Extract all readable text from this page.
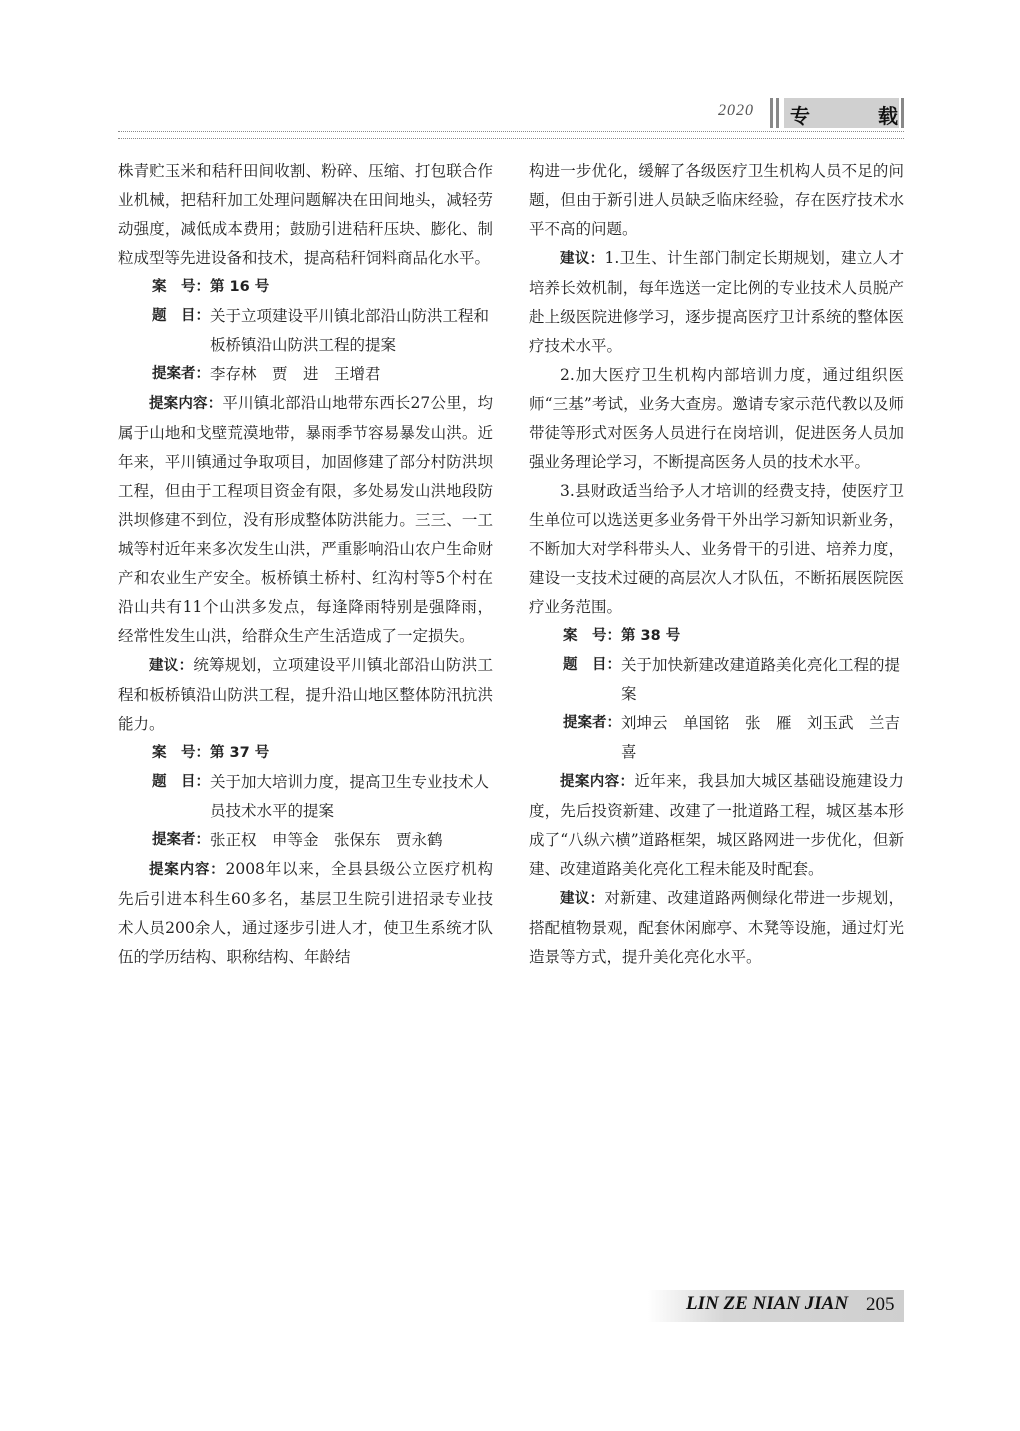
2020 专	载

株青贮玉米和秸秆田间收割、粉碎、压缩、打包联合作业机械，把秸秆加工处理问题解决在田间地头，减轻劳动强度，减低成本费用；鼓励引进秸秆压块、膨化、制粒成型等先进设备和技术，提高秸秆饲料商品化水平。

案　号： 第 16 号
题　目： 关于立项建设平川镇北部沿山防洪工程和板桥镇沿山防洪工程的提案
提案者： 李存林　贾　进　王增君

提案内容：平川镇北部沿山地带东西长27公里，均属于山地和戈壁荒漠地带，暴雨季节容易暴发山洪。近年来，平川镇通过争取项目，加固修建了部分村防洪坝工程，但由于工程项目资金有限，多处易发山洪地段防洪坝修建不到位，没有形成整体防洪能力。三三、一工城等村近年来多次发生山洪，严重影响沿山农户生命财产和农业生产安全。板桥镇土桥村、红沟村等5个村在沿山共有11个山洪多发点，每逢降雨特别是强降雨，经常性发生山洪，给群众生产生活造成了一定损失。

建议：统筹规划，立项建设平川镇北部沿山防洪工程和板桥镇沿山防洪工程，提升沿山地区整体防汛抗洪能力。

案　号： 第 37 号
题　目： 关于加大培训力度，提高卫生专业技术人员技术水平的提案
提案者： 张正权　申等金　张保东　贾永鹤

提案内容：2008年以来，全县县级公立医疗机构先后引进本科生60多名，基层卫生院引进招录专业技术人员200余人，通过逐步引进人才，使卫生系统才队伍的学历结构、职称结构、年龄结

构进一步优化，缓解了各级医疗卫生机构人员不足的问题，但由于新引进人员缺乏临床经验，存在医疗技术水平不高的问题。

建议：1.卫生、计生部门制定长期规划，建立人才培养长效机制，每年选送一定比例的专业技术人员脱产赴上级医院进修学习，逐步提高医疗卫计系统的整体医疗技术水平。

2.加大医疗卫生机构内部培训力度，通过组织医师“三基”考试，业务大查房。邀请专家示范代教以及师带徒等形式对医务人员进行在岗培训，促进医务人员加强业务理论学习，不断提高医务人员的技术水平。

3.县财政适当给予人才培训的经费支持，使医疗卫生单位可以选送更多业务骨干外出学习新知识新业务，不断加大对学科带头人、业务骨干的引进、培养力度，建设一支技术过硬的高层次人才队伍，不断拓展医院医疗业务范围。

案　号： 第 38 号
题　目： 关于加快新建改建道路美化亮化工程的提案
提案者： 刘坤云　单国铭　张　雁　刘玉武　兰吉喜

提案内容：近年来，我县加大城区基础设施建设力度，先后投资新建、改建了一批道路工程，城区基本形成了“八纵六横”道路框架，城区路网进一步优化，但新建、改建道路美化亮化工程未能及时配套。

建议：对新建、改建道路两侧绿化带进一步规划，搭配植物景观，配套休闲廊亭、木凳等设施，通过灯光造景等方式，提升美化亮化水平。

LIN ZE NIAN JIAN 205
